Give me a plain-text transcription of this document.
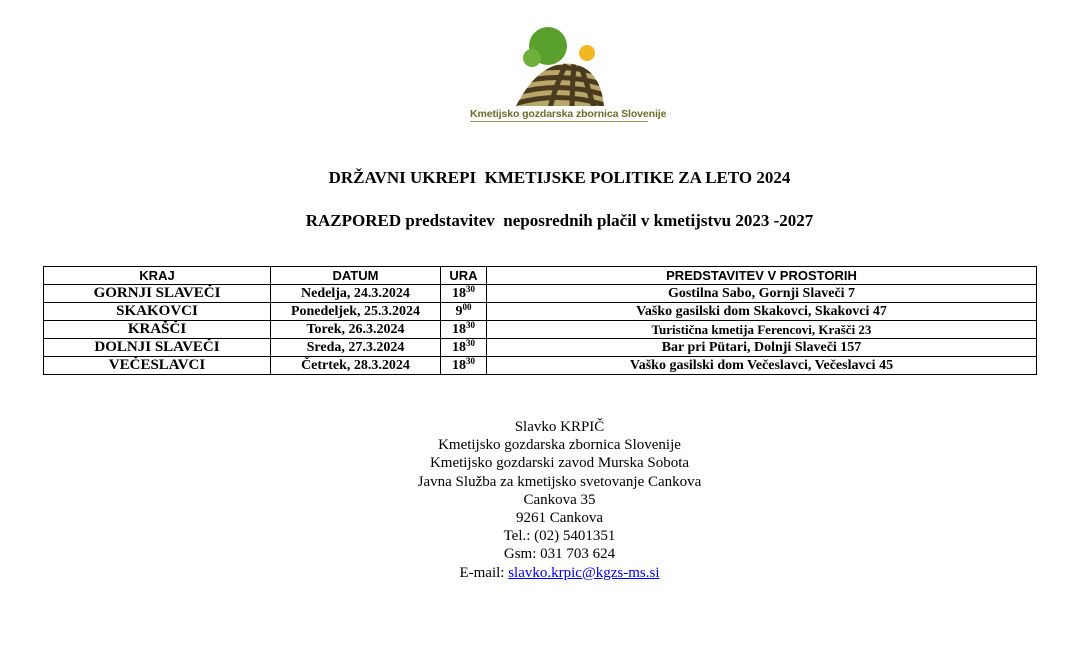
Kmetijsko gozdarska zbornica Slovenije
DRŽAVNI UKREPI  KMETIJSKE POLITIKE ZA LETO 2024
RAZPORED predstavitev  neposrednih plačil v kmetijstvu 2023 -2027
KRAJ	DATUM	URA	PREDSTAVITEV V PROSTORIH
GORNJI SLAVEČI	Nedelja, 24.3.2024	$18^{30}$	Gostilna Sabo, Gornji Slaveči 7
SKAKOVCI	Ponedeljek, 25.3.2024	$9^{00}$	Vaško gasilski dom Skakovci, Skakovci 47
KRAŠČI	Torek, 26.3.2024	$18^{30}$	Turistična kmetija Ferencovi, Krašči 23
DOLNJI SLAVEČI	Sreda, 27.3.2024	$18^{30}$	Bar pri Pütari, Dolnji Slaveči 157
VEČESLAVCI	Četrtek, 28.3.2024	$18^{30}$	Vaško gasilski dom Večeslavci, Večeslavci 45
Slavko KRPIČ
Kmetijsko gozdarska zbornica Slovenije
Kmetijsko gozdarski zavod Murska Sobota
Javna Služba za kmetijsko svetovanje Cankova
Cankova 35
9261 Cankova
Tel.: (02) 5401351
Gsm: 031 703 624
E-mail: slavko.krpic@kgzs-ms.si
